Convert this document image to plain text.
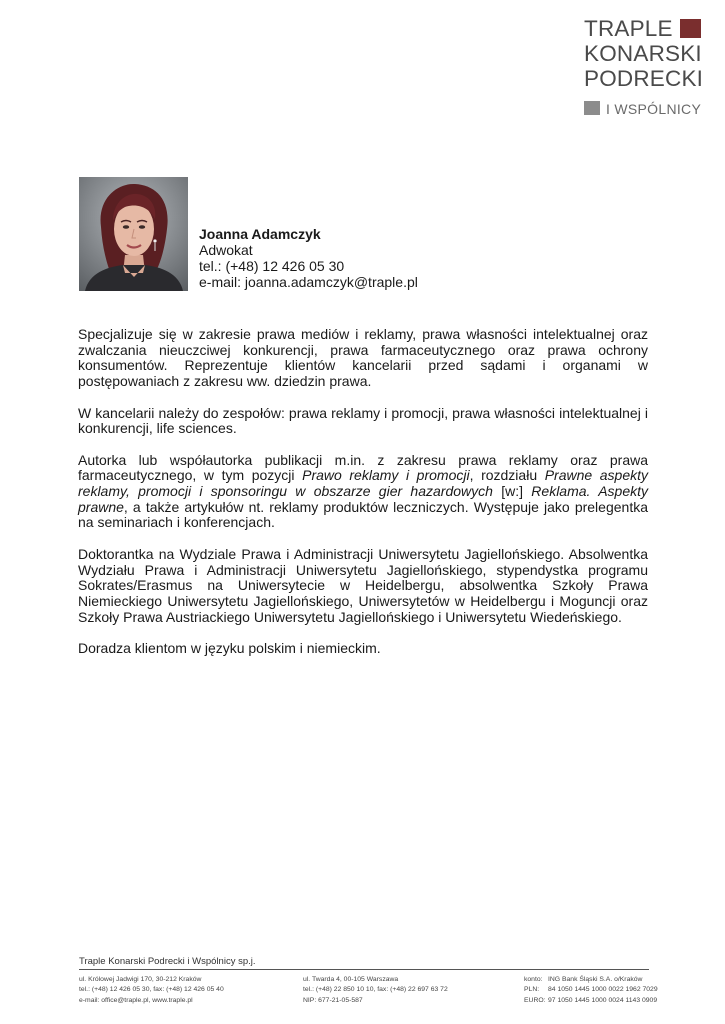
TRAPLE
KONARSKI
PODRECKI
I WSPÓLNICY
Joanna Adamczyk
Adwokat
tel.: (+48) 12 426 05 30
e-mail: joanna.adamczyk@traple.pl

Specjalizuje się w zakresie prawa mediów i reklamy, prawa własności intelektualnej oraz zwalczania nieuczciwej konkurencji, prawa farmaceutycznego oraz prawa ochrony konsumentów. Reprezentuje klientów kancelarii przed sądami i organami w postępowaniach z zakresu ww. dziedzin prawa.

W kancelarii należy do zespołów: prawa reklamy i promocji, prawa własności intelektualnej i konkurencji, life sciences.

Autorka lub współautorka publikacji m.in. z zakresu prawa reklamy oraz prawa farmaceutycznego, w tym pozycji Prawo reklamy i promocji, rozdziału Prawne aspekty reklamy, promocji i sponsoringu w obszarze gier hazardowych [w:] Reklama. Aspekty prawne, a także artykułów nt. reklamy produktów leczniczych. Występuje jako prelegentka na seminariach i konferencjach.

Doktorantka na Wydziale Prawa i Administracji Uniwersytetu Jagiellońskiego. Absolwentka Wydziału Prawa i Administracji Uniwersytetu Jagiellońskiego, stypendystka programu Sokrates/Erasmus na Uniwersytecie w Heidelbergu, absolwentka Szkoły Prawa Niemieckiego Uniwersytetu Jagiellońskiego, Uniwersytetów w Heidelbergu i Moguncji oraz Szkoły Prawa Austriackiego Uniwersytetu Jagiellońskiego i Uniwersytetu Wiedeńskiego.

Doradza klientom w języku polskim i niemieckim.

Traple Konarski Podrecki i Wspólnicy sp.j.
ul. Królowej Jadwigi 170, 30-212 Kraków
tel.: (+48) 12 426 05 30, fax: (+48) 12 426 05 40
e-mail: office@traple.pl, www.traple.pl
ul. Twarda 4, 00-105 Warszawa
tel.: (+48) 22 850 10 10, fax: (+48) 22 697 63 72
NIP: 677-21-05-587
konto: ING Bank Śląski S.A. o/Kraków
PLN:	84 1050 1445 1000 0022 1962 7029
EURO: 97 1050 1445 1000 0024 1143 0909
